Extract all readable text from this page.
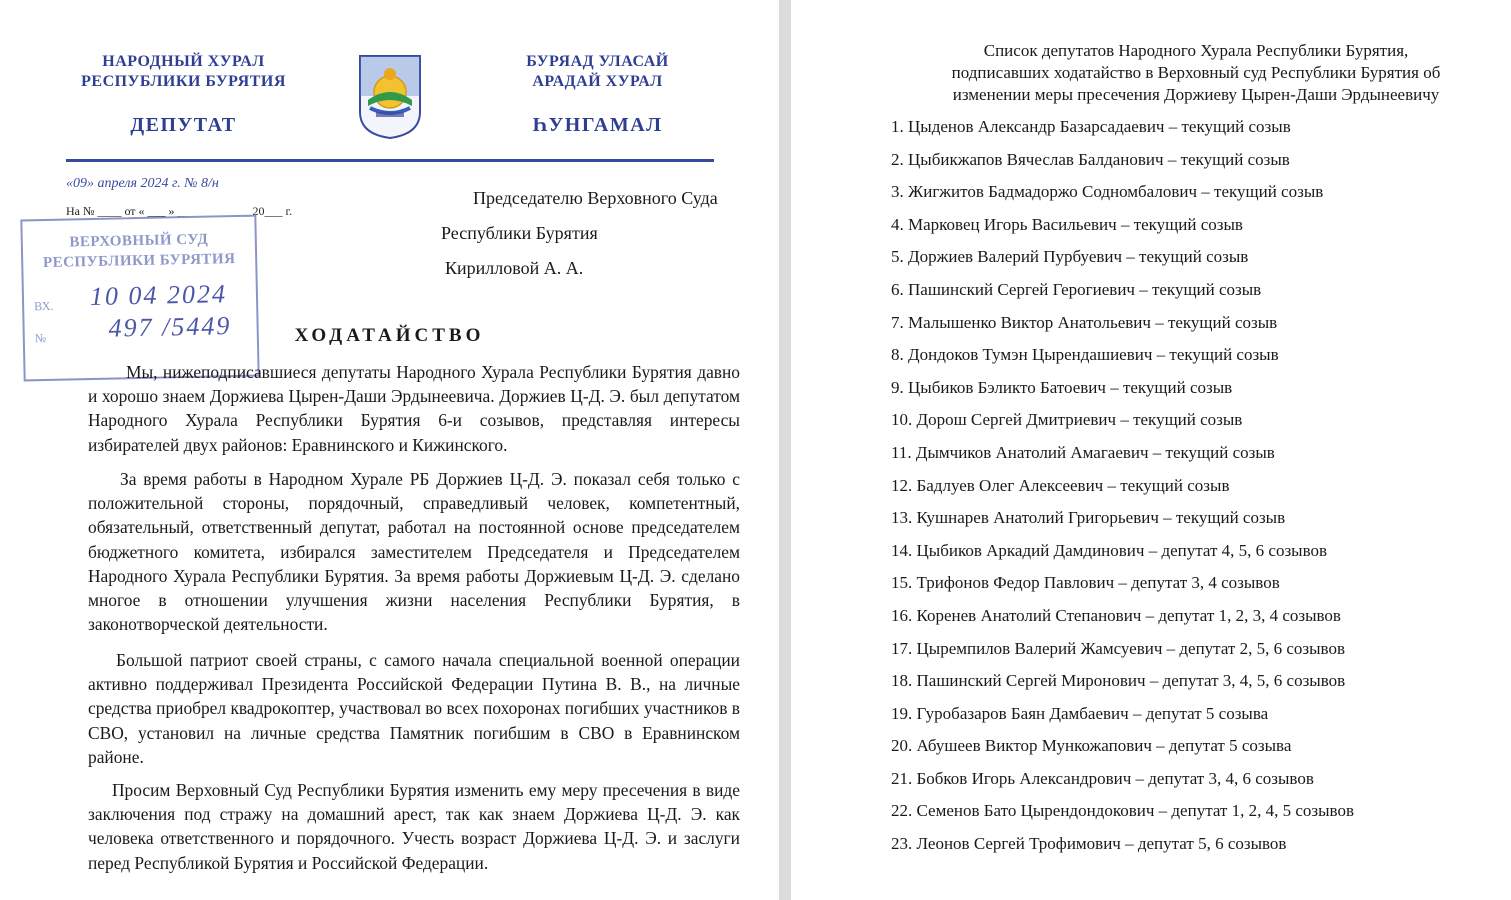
НАРОДНЫЙ ХУРАЛ
РЕСПУБЛИКИ БУРЯТИЯ
ДЕПУТАТ
БУРЯАД УЛАСАЙ
АРАДАЙ ХУРАЛ
ҺУНГАМАЛ
«09» апреля 2024 г. № 8/н
На № ____ от « ___ » ____________ 20___ г.
ВЕРХОВНЫЙ СУД
РЕСПУБЛИКИ БУРЯТИЯ
ВХ. 10 04 2024
№ 497 /5449
Председателю Верховного Суда
Республики Бурятия
Кирилловой А. А.
ХОДАТАЙСТВО
Мы, нижеподписавшиеся депутаты Народного Хурала Республики Бурятия давно и хорошо знаем Доржиева Цырен-Даши Эрдынеевича. Доржиев Ц-Д. Э. был депутатом Народного Хурала Республики Бурятия 6-и созывов, представляя интересы избирателей двух районов: Еравнинского и Кижинского.
За время работы в Народном Хурале РБ Доржиев Ц-Д. Э. показал себя только с положительной стороны, порядочный, справедливый человек, компетентный, обязательный, ответственный депутат, работал на постоянной основе председателем бюджетного комитета, избирался заместителем Председателя и Председателем Народного Хурала Республики Бурятия. За время работы Доржиевым Ц-Д. Э. сделано многое в отношении улучшения жизни населения Республики Бурятия, в законотворческой деятельности.
Большой патриот своей страны, с самого начала специальной военной операции активно поддерживал Президента Российской Федерации Путина В. В., на личные средства приобрел квадрокоптер, участвовал во всех похоронах погибших участников в СВО, установил на личные средства Памятник погибшим в СВО в Еравнинском районе.
Просим Верховный Суд Республики Бурятия изменить ему меру пресечения в виде заключения под стражу на домашний арест, так как знаем Доржиева Ц-Д. Э. как человека ответственного и порядочного. Учесть возраст Доржиева Ц-Д. Э. и заслуги перед Республикой Бурятия и Российской Федерации.
Список депутатов Народного Хурала Республики Бурятия,
подписавших ходатайство в Верховный суд Республики Бурятия об
изменении меры пресечения Доржиеву Цырен-Даши Эрдынеевичу
1. Цыденов Александр Базарсадаевич – текущий созыв
2. Цыбикжапов Вячеслав Балданович – текущий созыв
3. Жигжитов Бадмадоржо Содномбалович – текущий созыв
4. Марковец Игорь Васильевич – текущий созыв
5. Доржиев Валерий Пурбуевич – текущий созыв
6. Пашинский Сергей Герогиевич – текущий созыв
7. Малышенко Виктор Анатольевич – текущий созыв
8. Дондоков Тумэн Цырендашиевич – текущий созыв
9. Цыбиков Бэликто Батоевич – текущий созыв
10. Дорош Сергей Дмитриевич – текущий созыв
11. Дымчиков Анатолий Амагаевич – текущий созыв
12. Бадлуев Олег Алексеевич – текущий созыв
13. Кушнарев Анатолий Григорьевич – текущий созыв
14. Цыбиков Аркадий Дамдинович – депутат 4, 5, 6 созывов
15. Трифонов Федор Павлович – депутат 3, 4 созывов
16. Коренев Анатолий Степанович – депутат 1, 2, 3, 4 созывов
17. Цыремпилов Валерий Жамсуевич – депутат 2, 5, 6 созывов
18. Пашинский Сергей Миронович – депутат 3, 4, 5, 6 созывов
19. Гуробазаров Баян Дамбаевич – депутат 5 созыва
20. Абушеев Виктор Мункожапович – депутат 5 созыва
21. Бобков Игорь Александрович – депутат 3, 4, 6 созывов
22. Семенов Бато Цырендондокович – депутат 1, 2, 4, 5 созывов
23. Леонов Сергей Трофимович – депутат 5, 6 созывов
